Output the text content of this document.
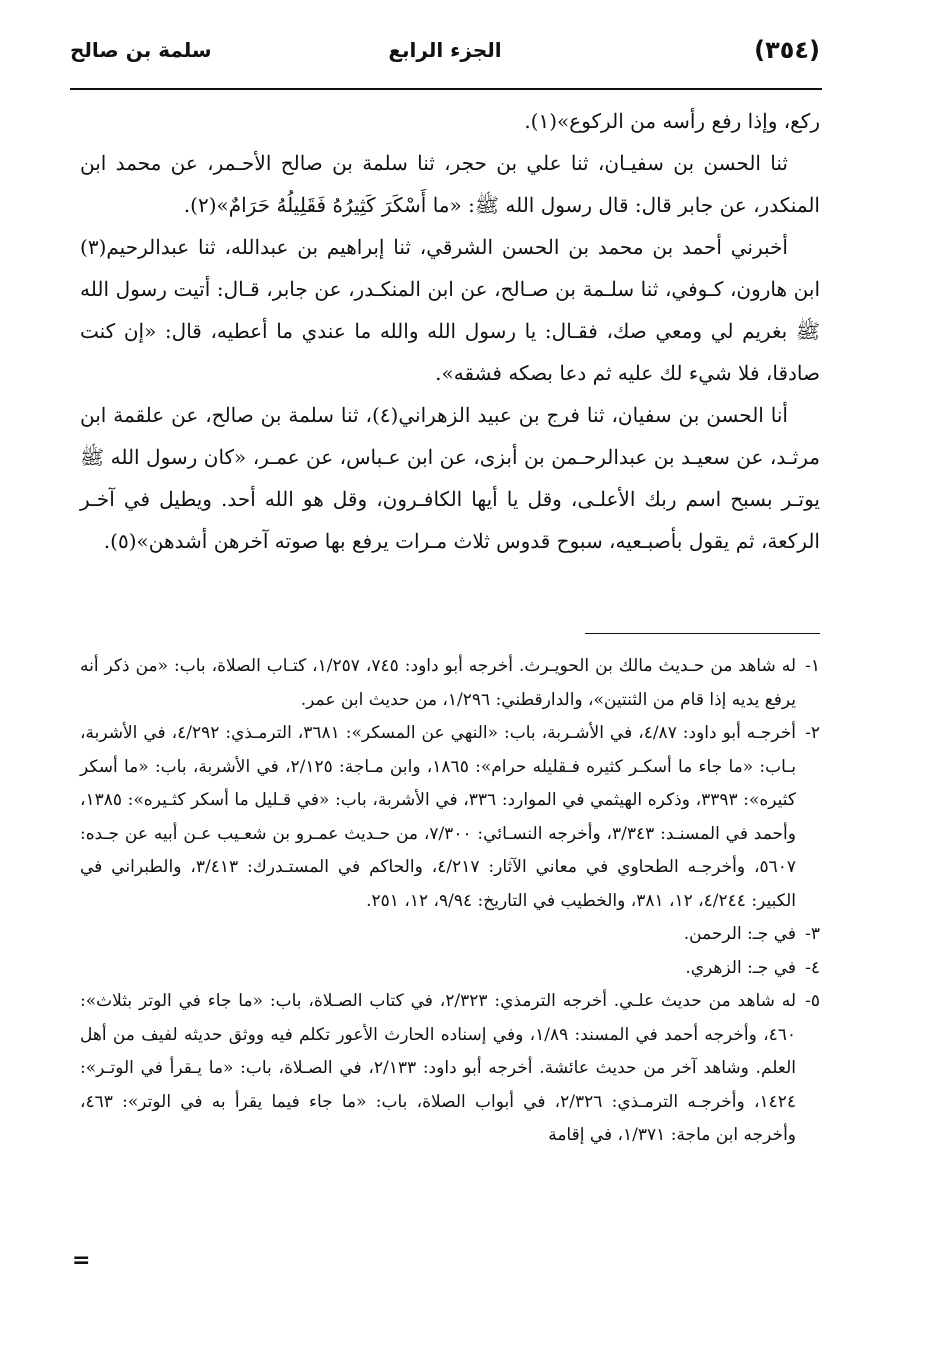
(٣٥٤)
الجزء الرابع
سلمة بن صالح

ركع، وإذا رفع رأسه من الركوع»(١).

ثنا الحسن بن سفيـان، ثنا علي بن حجر، ثنا سلمة بن صالح الأحـمر، عن محمد ابن المنكدر، عن جابر قال: قال رسول الله ﷺ: «ما أَسْكَرَ كَثِيرُهُ فَقَلِيلُهُ حَرَامٌ»(٢).

أخبرني أحمد بن محمد بن الحسن الشرقي، ثنا إبراهيم بن عبدالله، ثنا عبدالرحيم(٣) ابن هارون، كـوفي، ثنا سلـمة بن صـالح، عن ابن المنكـدر، عن جابر، قـال: أتيت رسول الله ﷺ بغريم لي ومعي صك، فقـال: يا رسول الله والله ما عندي ما أعطيه، قال: «إن كنت صادقا، فلا شيء لك عليه ثم دعا بصكه فشقه».

أنا الحسن بن سفيان، ثنا فرج بن عبيد الزهراني(٤)، ثنا سلمة بن صالح، عن علقمة ابن مرثـد، عن سعيـد بن عبدالرحـمن بن أبزى، عن ابن عـباس، عن عمـر، «كان رسول الله ﷺ يوتـر بسبح اسم ربك الأعلـى، وقل يا أيها الكافـرون، وقل هو الله أحد. ويطيل في آخـر الركعة، ثم يقول بأصبـعيه، سبوح قدوس ثلاث مـرات يرفع بها صوته آخرهن أشدهن»(٥).

١-له شاهد من حـديث مالك بن الحويـرث. أخرجه أبو داود: ٧٤٥، ١/٢٥٧، كتـاب الصلاة، باب: «من ذكر أنه يرفع يديه إذا قام من الثنتين»، والدارقطني: ١/٢٩٦، من حديث ابن عمر.
٢-أخرجـه أبو داود: ٤/٨٧، في الأشـربة، باب: «النهي عن المسكر»: ٣٦٨١، الترمـذي: ٤/٢٩٢، في الأشربة، بـاب: «ما جاء ما أسكـر كثيره فـقليله حرام»: ١٨٦٥، وابن مـاجة: ٢/١٢٥، في الأشربة، باب: «ما أسكر كثيره»: ٣٣٩٣، وذكره الهيثمي في الموارد: ٣٣٦، في الأشربة، باب: «في قـليل ما أسكر كثـيره»: ١٣٨٥، وأحمد في المسنـد: ٣/٣٤٣، وأخرجه النسـائي: ٧/٣٠٠، من حـديث عمـرو بن شعـيب عـن أبيه عن جـده: ٥٦٠٧، وأخرجـه الطحاوي في معاني الآثار: ٤/٢١٧، والحاكم في المستـدرك: ٣/٤١٣، والطبراني في الكبير: ٤/٢٤٤، ١٢، ٣٨١، والخطيب في التاريخ: ٩/٩٤، ١٢، ٢٥١.
٣-في جـ: الرحمن.
٤-في جـ: الزهري.
٥-له شاهد من حديث علـي. أخرجه الترمذي: ٢/٣٢٣، في كتاب الصـلاة، باب: «ما جاء في الوتر بثلاث»: ٤٦٠، وأخرجه أحمد في المسند: ١/٨٩، وفي إسناده الحارث الأعور تكلم فيه ووثق حديثه لفيف من أهل العلم. وشاهد آخر من حديث عائشة. أخرجه أبو داود: ٢/١٣٣، في الصـلاة، باب: «ما يـقرأ في الوتـر»: ١٤٢٤، وأخرجـه الترمـذي: ٢/٣٢٦، في أبواب الصلاة، باب: «ما جاء فيما يقرأ به في الوتر»: ٤٦٣، وأخرجه ابن ماجة: ١/٣٧١، في إقامة
=
